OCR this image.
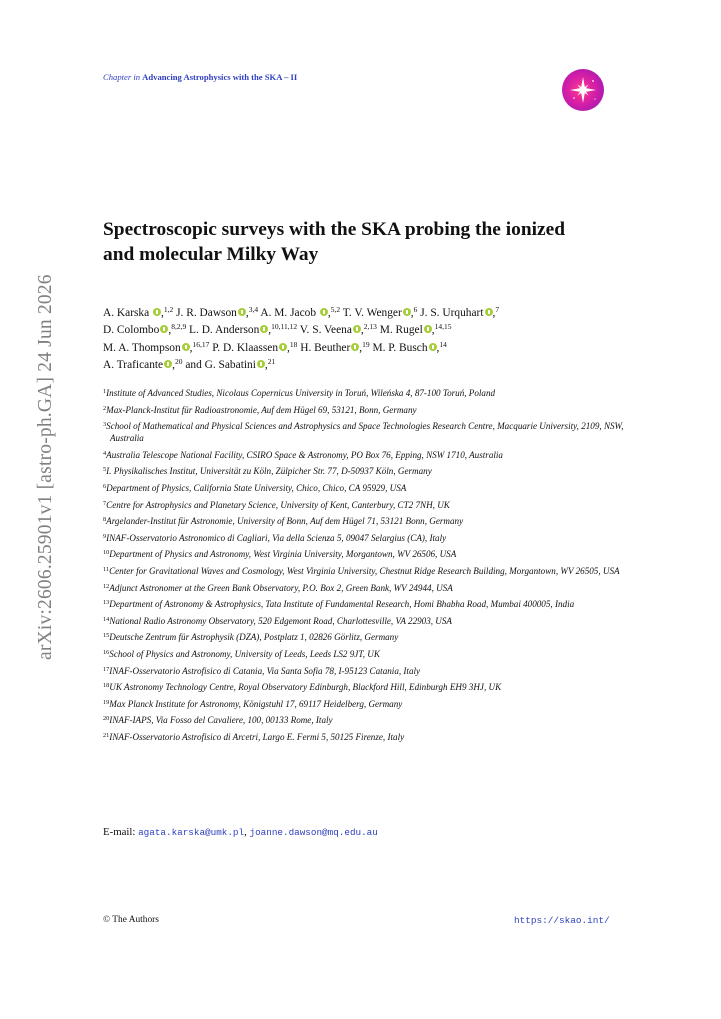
arXiv:2606.25901v1 [astro-ph.GA] 24 Jun 2026
Chapter in Advancing Astrophysics with the SKA – II
Spectroscopic surveys with the SKA probing the ionized
and molecular Milky Way
A. Karska ,$^{1,2}$ J. R. Dawson ,$^{3,4}$ A. M. Jacob ,$^{5,2}$ T. V. Wenger ,$^6$ J. S. Urquhart ,$^7$
D. Colombo ,$^{8,2,9}$ L. D. Anderson ,$^{10,11,12}$ V. S. Veena ,$^{2,13}$ M. Rugel ,$^{14,15}$
M. A. Thompson ,$^{16,17}$ P. D. Klaassen ,$^{18}$ H. Beuther ,$^{19}$ M. P. Busch ,$^{14}$
A. Traficante ,$^{20}$ and G. Sabatini ,$^{21}$
$^1$Institute of Advanced Studies, Nicolaus Copernicus University in Toruń, Wileńska 4, 87-100 Toruń, Poland
$^2$Max-Planck-Institut für Radioastronomie, Auf dem Hügel 69, 53121, Bonn, Germany
$^3$School of Mathematical and Physical Sciences and Astrophysics and Space Technologies Research Centre, Macquarie University, 2109, NSW, Australia
$^4$Australia Telescope National Facility, CSIRO Space & Astronomy, PO Box 76, Epping, NSW 1710, Australia
$^5$I. Physikalisches Institut, Universität zu Köln, Zülpicher Str. 77, D-50937 Köln, Germany
$^6$Department of Physics, California State University, Chico, Chico, CA 95929, USA
$^7$Centre for Astrophysics and Planetary Science, University of Kent, Canterbury, CT2 7NH, UK
$^8$Argelander-Institut für Astronomie, University of Bonn, Auf dem Hügel 71, 53121 Bonn, Germany
$^9$INAF-Osservatorio Astronomico di Cagliari, Via della Scienza 5, 09047 Selargius (CA), Italy
$^{10}$Department of Physics and Astronomy, West Virginia University, Morgantown, WV 26506, USA
$^{11}$Center for Gravitational Waves and Cosmology, West Virginia University, Chestnut Ridge Research Building, Morgantown, WV 26505, USA
$^{12}$Adjunct Astronomer at the Green Bank Observatory, P.O. Box 2, Green Bank, WV 24944, USA
$^{13}$Department of Astronomy & Astrophysics, Tata Institute of Fundamental Research, Homi Bhabha Road, Mumbai 400005, India
$^{14}$National Radio Astronomy Observatory, 520 Edgemont Road, Charlottesville, VA 22903, USA
$^{15}$Deutsche Zentrum für Astrophysik (DZA), Postplatz 1, 02826 Görlitz, Germany
$^{16}$School of Physics and Astronomy, University of Leeds, Leeds LS2 9JT, UK
$^{17}$INAF-Osservatorio Astrofisico di Catania, Via Santa Sofia 78, I-95123 Catania, Italy
$^{18}$UK Astronomy Technology Centre, Royal Observatory Edinburgh, Blackford Hill, Edinburgh EH9 3HJ, UK
$^{19}$Max Planck Institute for Astronomy, Königstuhl 17, 69117 Heidelberg, Germany
$^{20}$INAF-IAPS, Via Fosso del Cavaliere, 100, 00133 Rome, Italy
$^{21}$INAF-Osservatorio Astrofisico di Arcetri, Largo E. Fermi 5, 50125 Firenze, Italy
E-mail: agata.karska@umk.pl, joanne.dawson@mq.edu.au
© The Authors	https://skao.int/
